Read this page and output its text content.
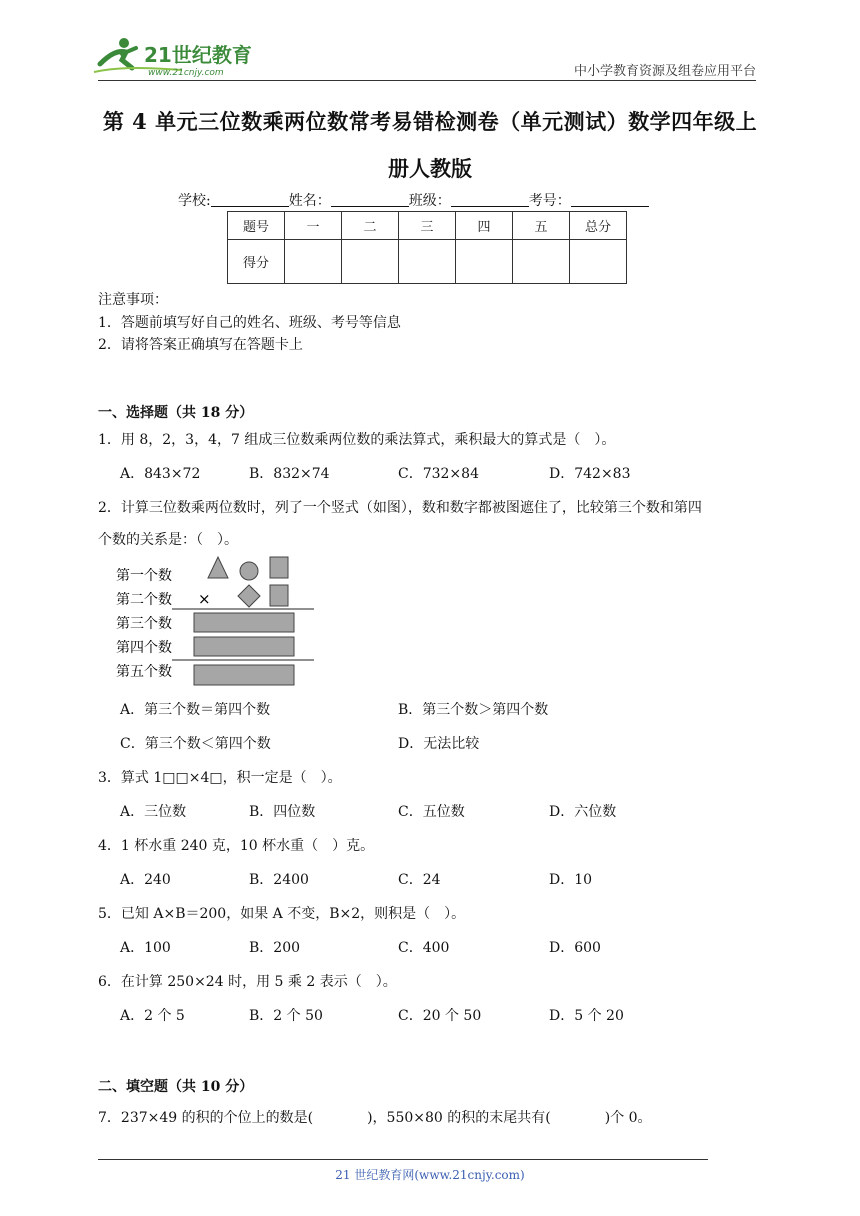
21世纪教育
www.21cnjy.com	中小学教育资源及组卷应用平台
第 4 单元三位数乘两位数常考易错检测卷（单元测试）数学四年级上
册人教版
学校:	姓名：	班级：	考号：
题号	一	二	三	四	五	总分
得分						
注意事项：
1．答题前填写好自己的姓名、班级、考号等信息
2．请将答案正确填写在答题卡上
一、选择题（共 18 分）
1．用 8，2，3，4，7 组成三位数乘两位数的乘法算式，乘积最大的算式是（　）。
A．843×72	B．832×74	C．732×84	D．742×83
2．计算三位数乘两位数时，列了一个竖式（如图），数和数字都被图遮住了，比较第三个数和第四
个数的关系是：（　）。
第一个数
第二个数
第三个数
第四个数
第五个数
×
A．第三个数＝第四个数	B．第三个数＞第四个数
C．第三个数＜第四个数	D．无法比较
3．算式 1□□×4□，积一定是（　）。
A．三位数	B．四位数	C．五位数	D．六位数
4．1 杯水重 240 克，10 杯水重（　）克。
A．240	B．2400	C．24	D．10
5．已知 A×B＝200，如果 A 不变，B×2，则积是（　）。
A．100	B．200	C．400	D．600
6．在计算 250×24 时，用 5 乘 2 表示（　）。
A．2 个 5	B．2 个 50	C．20 个 50	D．5 个 20
二、填空题（共 10 分）
7．237×49 的积的个位上的数是(	)，550×80 的积的末尾共有(	)个 0。
21 世纪教育网(www.21cnjy.com)
